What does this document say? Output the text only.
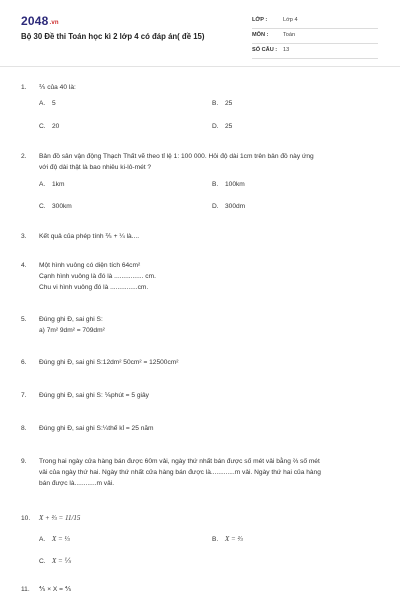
2048.vn
Bộ 30 Đề thi Toán học kì 2 lớp 4 có đáp án( đề 15)
LỚP :	Lớp 4
MÔN :	Toán
SỐ CÂU : 13
1. ⅖ của 40 là:
A. 5	B. 25
C. 20	D. 25
2. Bản đồ sân vận động Thạch Thất vẽ theo tỉ lệ 1: 100 000. Hỏi độ dài 1cm trên bản đồ này ứng
với độ dài thật là bao nhiêu ki-lô-mét ?
A. 1km	B. 100km
C. 300km	D. 300dm
3. Kết quả của phép tính ⅖ + ¼ là....
4. Một hình vuông có diện tích 64cm²
Cạnh hình vuông là đó là ................ cm.
Chu vi hình vuông đó là ...............cm.
5. Đúng ghi Đ, sai ghi S:
a) 7m² 9dm² = 709dm²
6. Đúng ghi Đ, sai ghi S:12dm² 50cm² = 12500cm²
7. Đúng ghi Đ, sai ghi S: ⅙phút = 5 giây
8. Đúng ghi Đ, sai ghi S:¼thế kỉ = 25 năm
9. Trong hai ngày cửa hàng bán được 60m vải, ngày thứ nhất bán được số mét vải bằng ⅔ số mét
vải của ngày thứ hai. Ngày thứ nhất cửa hàng bán được là.............m vải. Ngày thứ hai của hàng
bán được là............m vải.
10. X + ⅔ = 11/15
A. X = ⅓	B. X = ⅔
C. X = ⅕
11. ⅘ × X = ⅘
